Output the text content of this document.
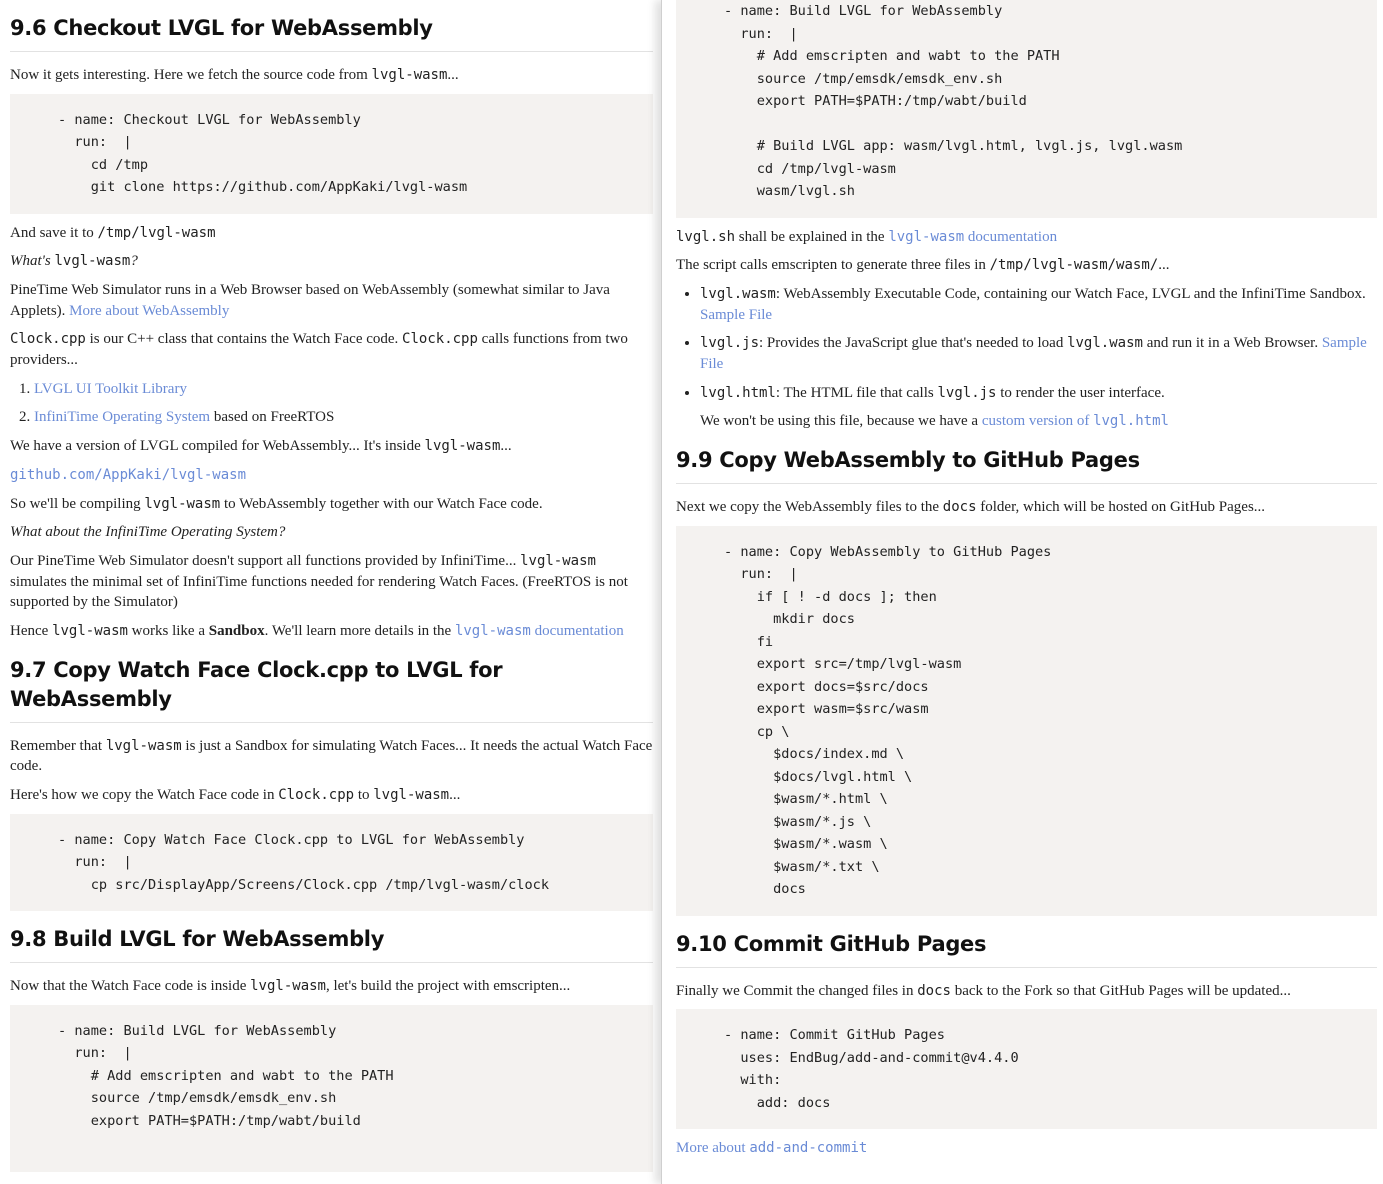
9.6 Checkout LVGL for WebAssembly

Now it gets interesting. Here we fetch the source code from lvgl-wasm...

- name: Checkout LVGL for WebAssembly
run:  |
cd /tmp
git clone https://github.com/AppKaki/lvgl-wasm

And save it to /tmp/lvgl-wasm

What's lvgl-wasm?

PineTime Web Simulator runs in a Web Browser based on WebAssembly (somewhat similar to Java Applets). More about WebAssembly

Clock.cpp is our C++ class that contains the Watch Face code. Clock.cpp calls functions from two providers...

1. LVGL UI Toolkit Library
2. InfiniTime Operating System based on FreeRTOS

We have a version of LVGL compiled for WebAssembly... It's inside lvgl-wasm...

github.com/AppKaki/lvgl-wasm

So we'll be compiling lvgl-wasm to WebAssembly together with our Watch Face code.

What about the InfiniTime Operating System?

Our PineTime Web Simulator doesn't support all functions provided by InfiniTime... lvgl-wasm simulates the minimal set of InfiniTime functions needed for rendering Watch Faces. (FreeRTOS is not supported by the Simulator)

Hence lvgl-wasm works like a Sandbox. We'll learn more details in the lvgl-wasm documentation

9.7 Copy Watch Face Clock.cpp to LVGL for WebAssembly

Remember that lvgl-wasm is just a Sandbox for simulating Watch Faces... It needs the actual Watch Face code.

Here's how we copy the Watch Face code in Clock.cpp to lvgl-wasm...

- name: Copy Watch Face Clock.cpp to LVGL for WebAssembly
run:  |
cp src/DisplayApp/Screens/Clock.cpp /tmp/lvgl-wasm/clock
9.8 Build LVGL for WebAssembly

Now that the Watch Face code is inside lvgl-wasm, let's build the project with emscripten...

- name: Build LVGL for WebAssembly
run:  |
# Add emscripten and wabt to the PATH
source /tmp/emsdk/emsdk_env.sh
export PATH=$PATH:/tmp/wabt/build
- name: Build LVGL for WebAssembly
run:  |
# Add emscripten and wabt to the PATH
source /tmp/emsdk/emsdk_env.sh
export PATH=$PATH:/tmp/wabt/build

# Build LVGL app: wasm/lvgl.html, lvgl.js, lvgl.wasm
cd /tmp/lvgl-wasm
wasm/lvgl.sh

lvgl.sh shall be explained in the lvgl-wasm documentation

The script calls emscripten to generate three files in /tmp/lvgl-wasm/wasm/...

• lvgl.wasm: WebAssembly Executable Code, containing our Watch Face, LVGL and the InfiniTime Sandbox. Sample File
• lvgl.js: Provides the JavaScript glue that's needed to load lvgl.wasm and run it in a Web Browser. Sample File
• lvgl.html: The HTML file that calls lvgl.js to render the user interface.

We won't be using this file, because we have a custom version of lvgl.html

9.9 Copy WebAssembly to GitHub Pages

Next we copy the WebAssembly files to the docs folder, which will be hosted on GitHub Pages...

- name: Copy WebAssembly to GitHub Pages
run:  |
if [ ! -d docs ]; then
mkdir docs
fi
export src=/tmp/lvgl-wasm
export docs=$src/docs
export wasm=$src/wasm
cp \
$docs/index.md \
$docs/lvgl.html \
$wasm/*.html \
$wasm/*.js \
$wasm/*.wasm \
$wasm/*.txt \
docs
9.10 Commit GitHub Pages

Finally we Commit the changed files in docs back to the Fork so that GitHub Pages will be updated...

- name: Commit GitHub Pages
uses: EndBug/add-and-commit@v4.4.0
with:
add: docs

More about add-and-commit
